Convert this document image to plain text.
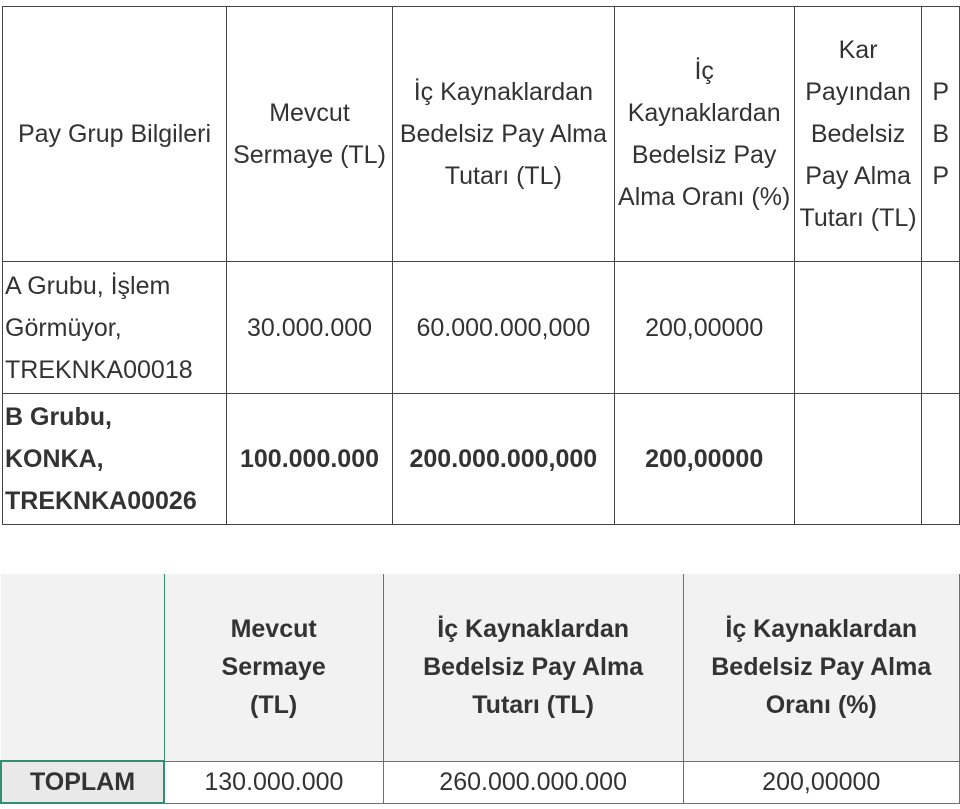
Pay Grup Bilgileri	Mevcut Sermaye (TL)	İç Kaynaklardan Bedelsiz Pay Alma Tutarı (TL)	İç Kaynaklardan Bedelsiz Pay Alma Oranı (%)	Kar Payından Bedelsiz Pay Alma Tutarı (TL)	P B P
A Grubu, İşlem
Görmüyor,
TREKNKA00018	30.000.000	60.000.000,000	200,00000		
B Grubu,
KONKA,
TREKNKA00026	100.000.000	200.000.000,000	200,00000		
	Mevcut Sermaye (TL)	İç Kaynaklardan Bedelsiz Pay Alma Tutarı (TL)	İç Kaynaklardan Bedelsiz Pay Alma Oranı (%)
TOPLAM	130.000.000	260.000.000.000	200,00000
